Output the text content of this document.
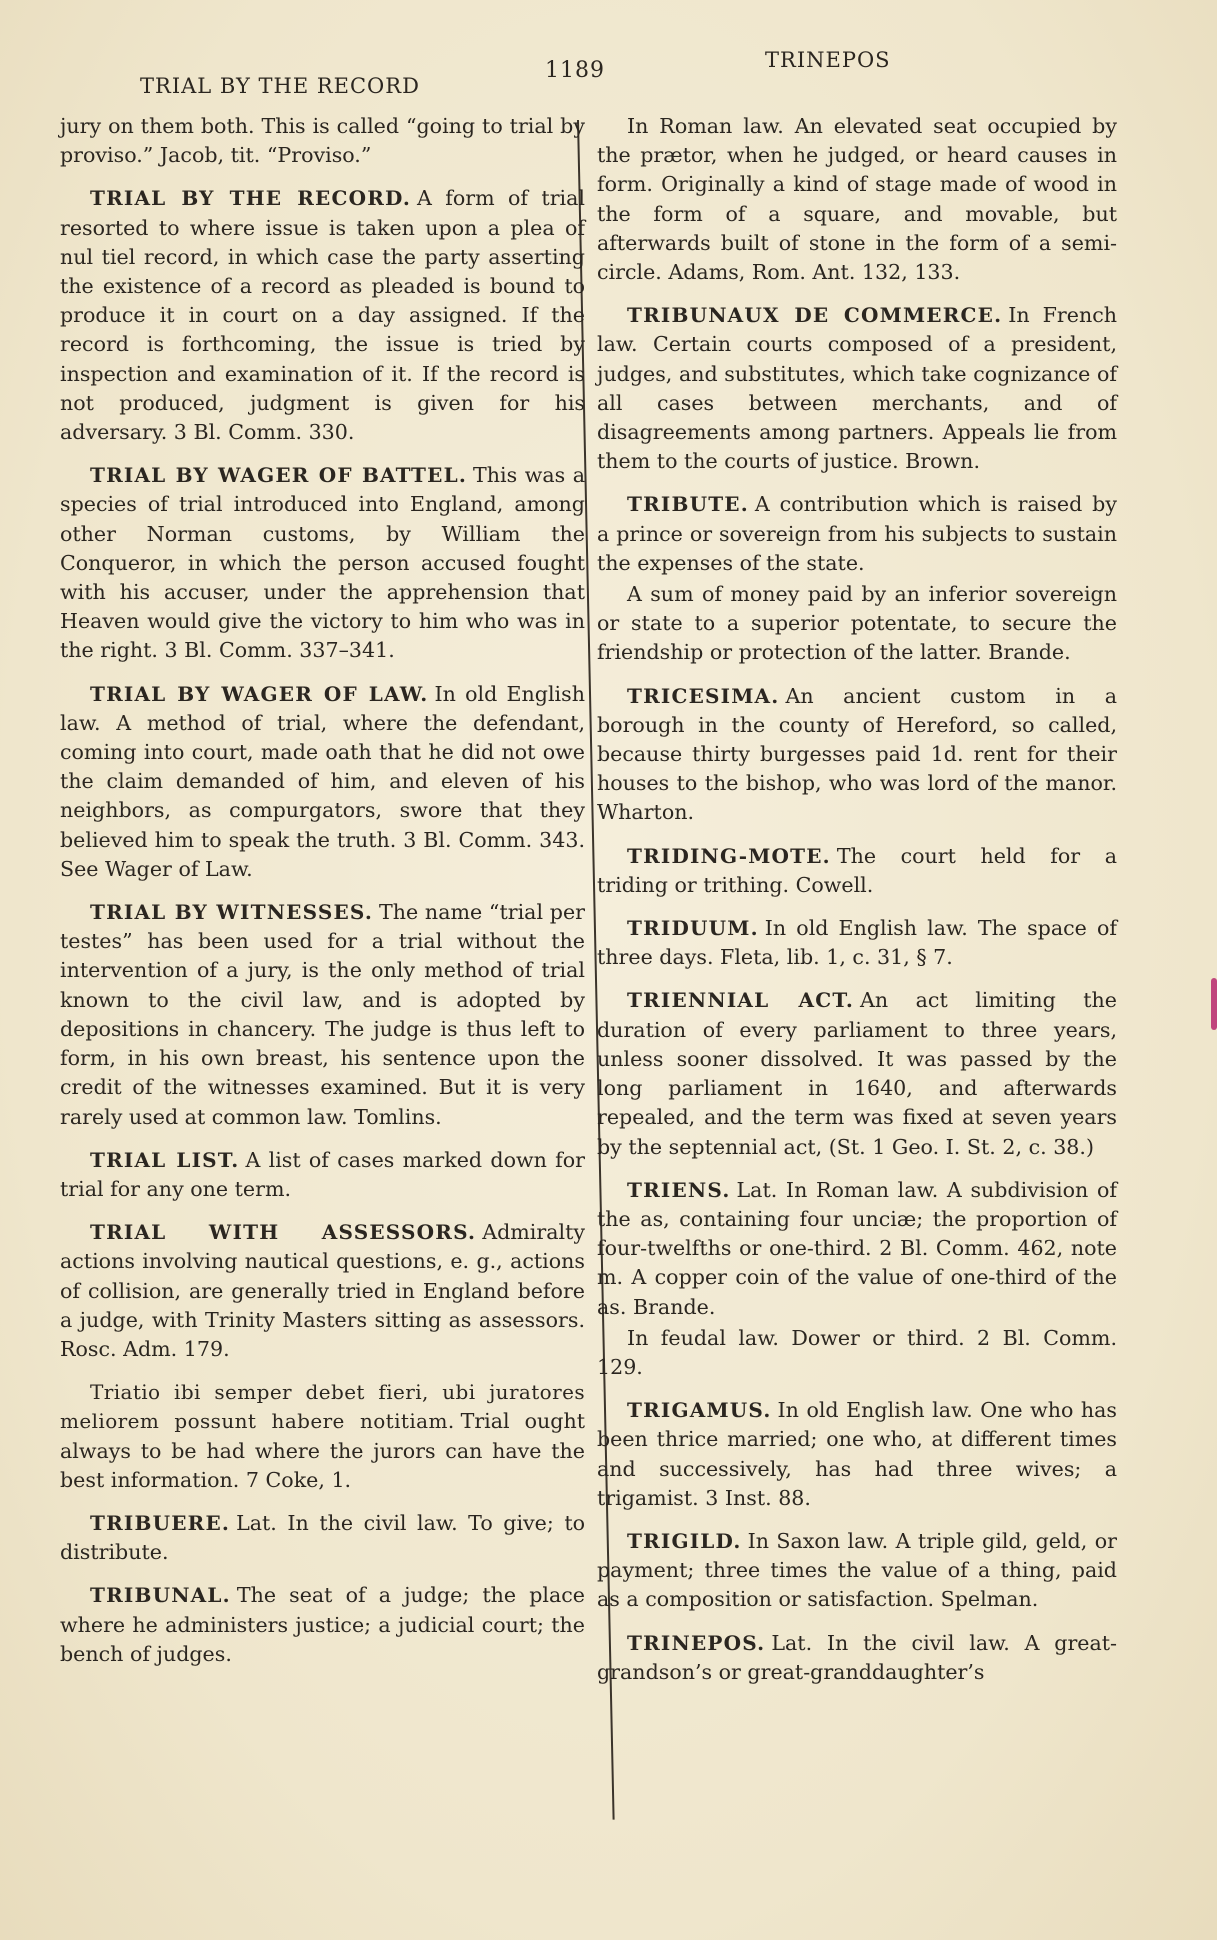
TRIAL BY THE RECORD
1189	TRINEPOS

jury on them both. This is called “going to trial by proviso.” Jacob, tit. “Proviso.”

TRIAL BY THE RECORD. A form of trial resorted to where issue is taken upon a plea of nul tiel record, in which case the party asserting the existence of a record as pleaded is bound to produce it in court on a day assigned. If the record is forthcoming, the issue is tried by inspection and examination of it. If the record is not produced, judgment is given for his adversary. 3 Bl. Comm. 330.

TRIAL BY WAGER OF BATTEL. This was a species of trial introduced into England, among other Norman customs, by William the Conqueror, in which the person accused fought with his accuser, under the apprehension that Heaven would give the victory to him who was in the right. 3 Bl. Comm. 337–341.

TRIAL BY WAGER OF LAW. In old English law. A method of trial, where the defendant, coming into court, made oath that he did not owe the claim demanded of him, and eleven of his neighbors, as compurgators, swore that they believed him to speak the truth. 3 Bl. Comm. 343. See Wager of Law.

TRIAL BY WITNESSES. The name “trial per testes” has been used for a trial without the intervention of a jury, is the only method of trial known to the civil law, and is adopted by depositions in chancery. The judge is thus left to form, in his own breast, his sentence upon the credit of the witnesses examined. But it is very rarely used at common law. Tomlins.

TRIAL LIST. A list of cases marked down for trial for any one term.

TRIAL WITH ASSESSORS. Admiralty actions involving nautical questions, e. g., actions of collision, are generally tried in England before a judge, with Trinity Masters sitting as assessors. Rosc. Adm. 179.

Triatio ibi semper debet fieri, ubi juratores meliorem possunt habere notitiam. Trial ought always to be had where the jurors can have the best information. 7 Coke, 1.

TRIBUERE. Lat. In the civil law. To give; to distribute.

TRIBUNAL. The seat of a judge; the place where he administers justice; a judicial court; the bench of judges.

In Roman law. An elevated seat occupied by the prætor, when he judged, or heard causes in form. Originally a kind of stage made of wood in the form of a square, and movable, but afterwards built of stone in the form of a semi-circle. Adams, Rom. Ant. 132, 133.

TRIBUNAUX DE COMMERCE. In French law. Certain courts composed of a president, judges, and substitutes, which take cognizance of all cases between merchants, and of disagreements among partners. Appeals lie from them to the courts of justice. Brown.

TRIBUTE. A contribution which is raised by a prince or sovereign from his subjects to sustain the expenses of the state.

A sum of money paid by an inferior sovereign or state to a superior potentate, to secure the friendship or protection of the latter. Brande.

TRICESIMA. An ancient custom in a borough in the county of Hereford, so called, because thirty burgesses paid 1d. rent for their houses to the bishop, who was lord of the manor. Wharton.

TRIDING-MOTE. The court held for a triding or trithing. Cowell.

TRIDUUM. In old English law. The space of three days. Fleta, lib. 1, c. 31, § 7.

TRIENNIAL ACT. An act limiting the duration of every parliament to three years, unless sooner dissolved. It was passed by the long parliament in 1640, and afterwards repealed, and the term was fixed at seven years by the septennial act, (St. 1 Geo. I. St. 2, c. 38.)

TRIENS. Lat. In Roman law. A subdivision of the as, containing four unciæ; the proportion of four-twelfths or one-third. 2 Bl. Comm. 462, note m. A copper coin of the value of one-third of the as. Brande.

In feudal law. Dower or third. 2 Bl. Comm. 129.

TRIGAMUS. In old English law. One who has been thrice married; one who, at different times and successively, has had three wives; a trigamist. 3 Inst. 88.

TRIGILD. In Saxon law. A triple gild, geld, or payment; three times the value of a thing, paid as a composition or satisfaction. Spelman.

TRINEPOS. Lat. In the civil law. A great-grandson’s or great-granddaughter’s
